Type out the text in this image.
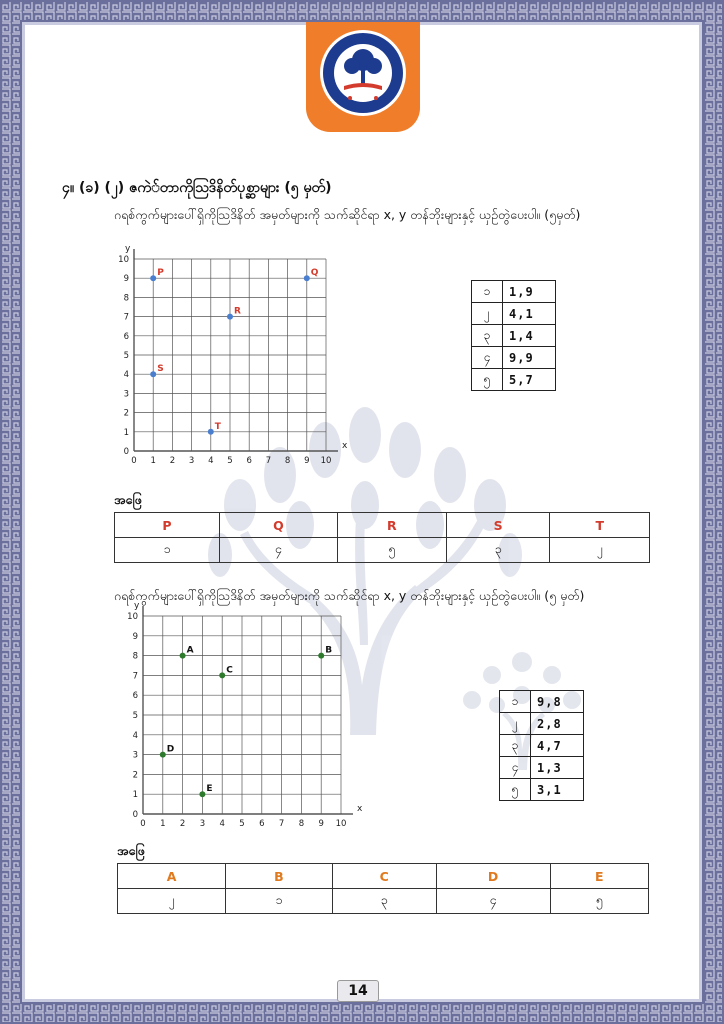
၄။ (ခ) (၂) ဇကဲ်တာကိုသြဒိနိတ်ပုစ္ဆာများ (၅ မှတ်)
ဂရစ်ကွက်များပေါ်ရှိကိုသြဒိနိတ် အမှတ်များကို သက်ဆိုင်ရာ x, y တန်ဘိုးများနှင့် ယှဉ်တွဲပေးပါ။ (၅မှတ်)
0 1 2 3 4 5 6 7 8 9 10
0
1
2
3
4
5
6
7
8
9
10
x
y
P	Q
R
S
T
၁	1,9
၂	4,1
၃	1,4
၄	9,9
၅	5,7
အဖြေ
P	Q	R	S	T
၁	၄	၅	၃	၂
ဂရစ်ကွက်များပေါ်ရှိကိုသြဒိနိတ် အမှတ်များကို သက်ဆိုင်ရာ x, y တန်ဘိုးများနှင့် ယှဉ်တွဲပေးပါ။ (၅ မှတ်)
0 1 2 3 4 5 6 7 8 9 10
0
1
2
3
4
5
6
7
8
9
10
x
y
A	B
C
D
E
၁	9,8
၂	2,8
၃	4,7
၄	1,3
၅	3,1
အဖြေ
A	B	C	D	E
၂	၁	၃	၄	၅
14
